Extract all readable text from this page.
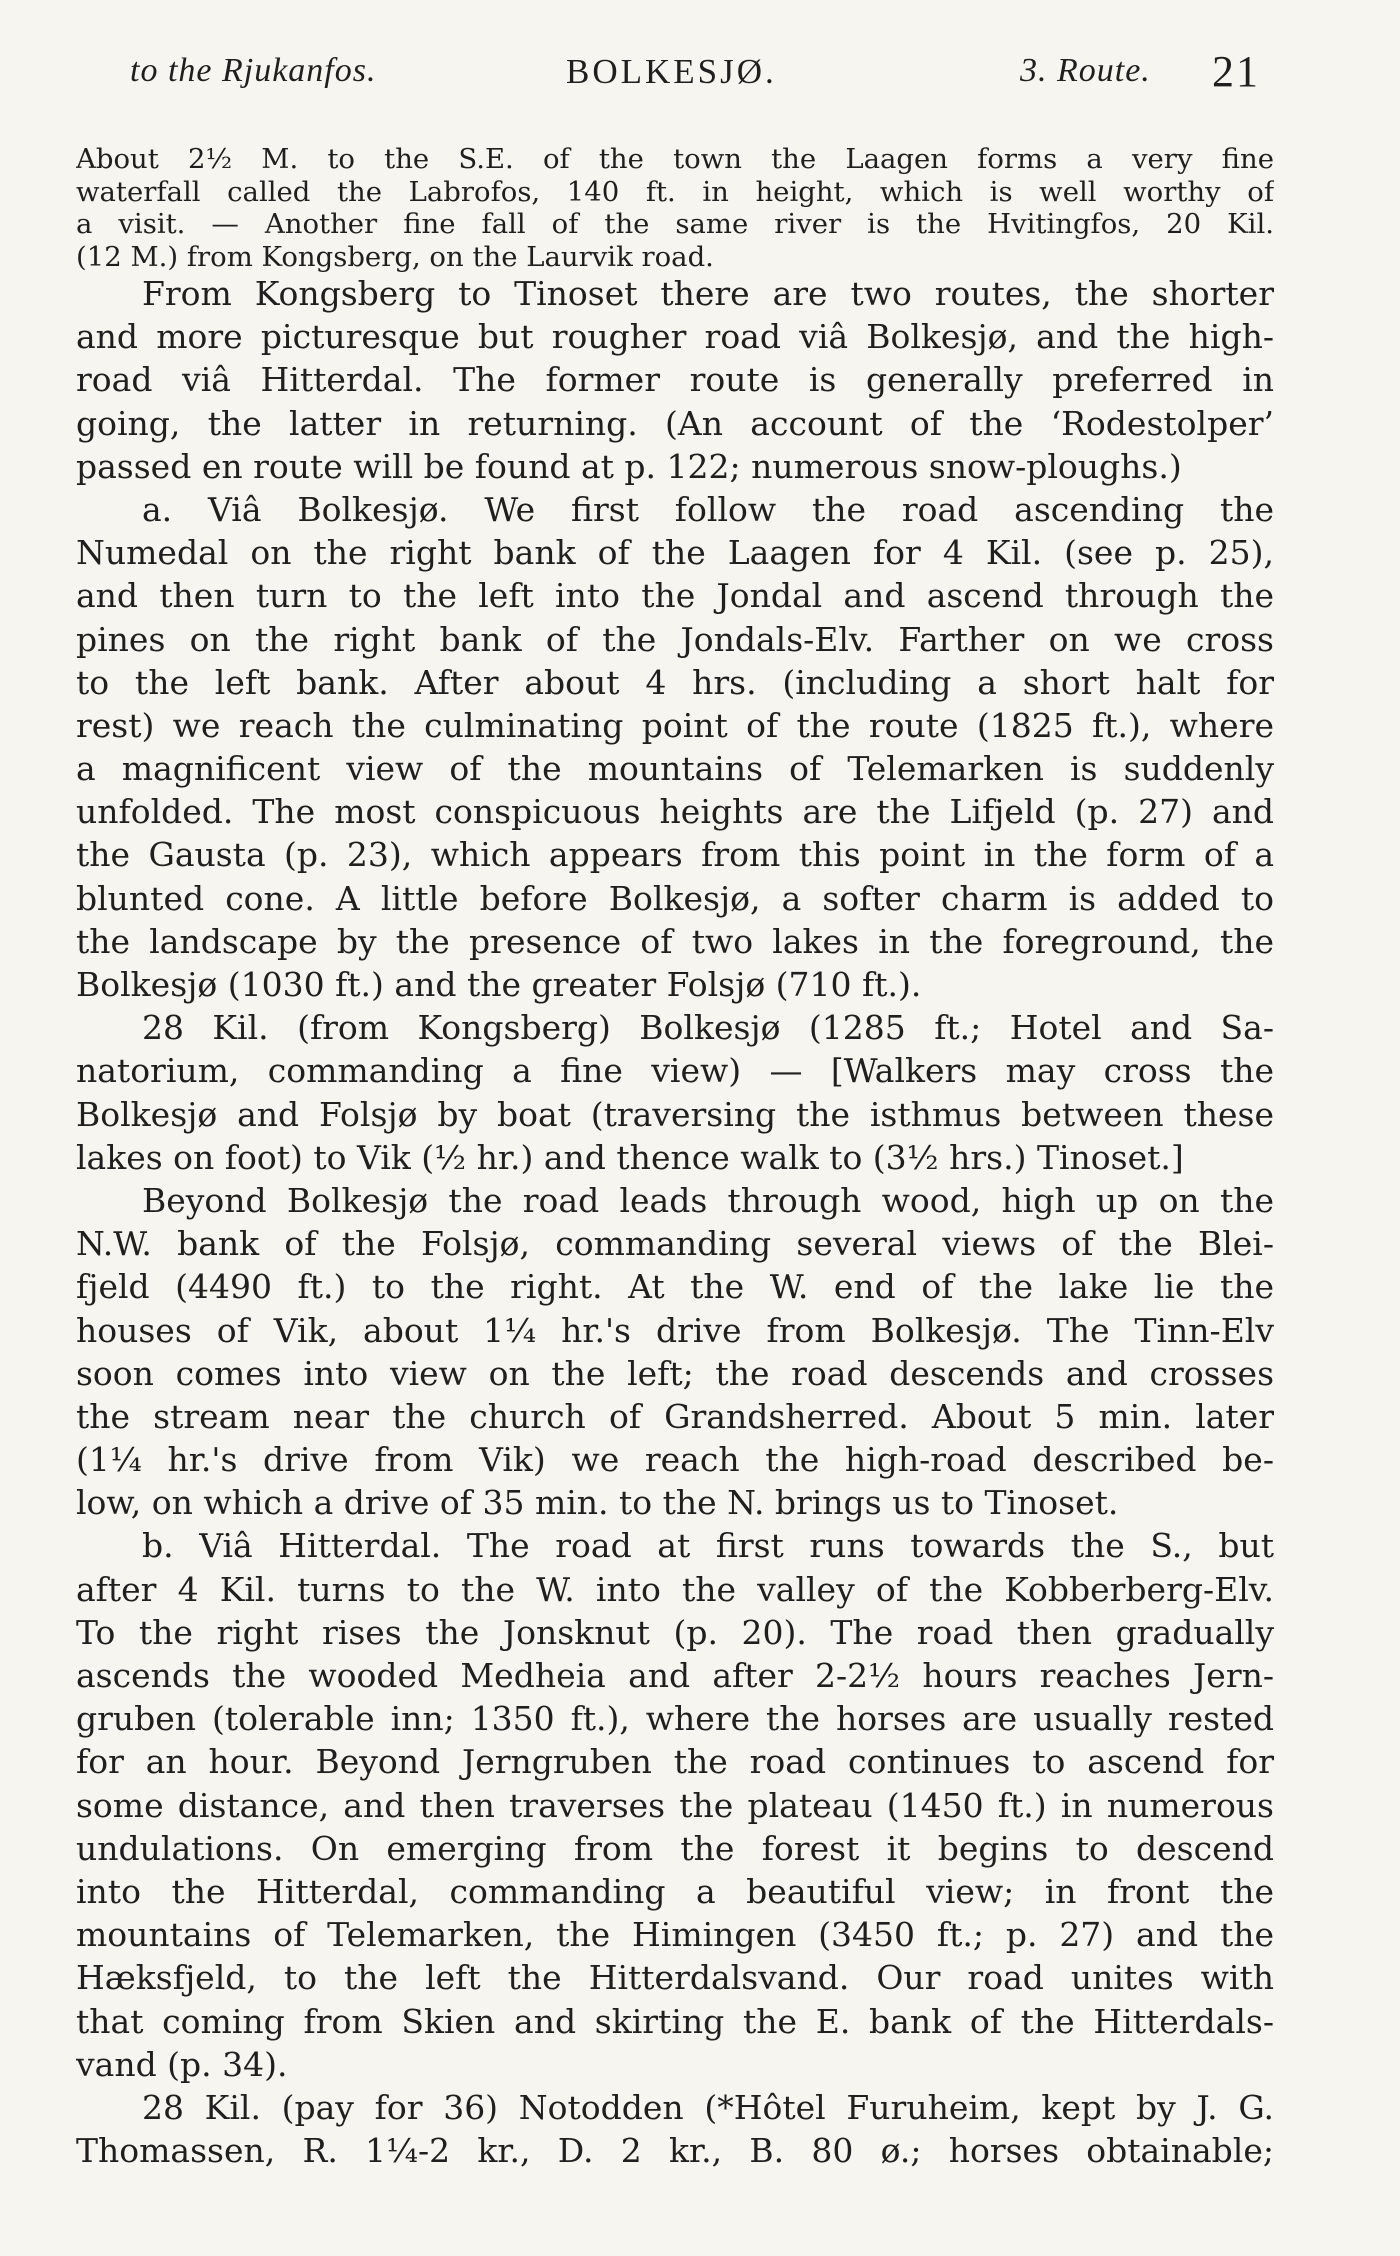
to the Rjukanfos.	BOLKESJØ.	3. Route. 21
About 2½ M. to the S.E. of the town the Laagen forms a very fine
waterfall called the Labrofos, 140 ft. in height, which is well worthy of
a visit. — Another fine fall of the same river is the Hvitingfos, 20 Kil.
(12 M.) from Kongsberg, on the Laurvik road.
From Kongsberg to Tinoset there are two routes, the shorter
and more picturesque but rougher road viâ Bolkesjø, and the high-
road viâ Hitterdal. The former route is generally preferred in
going, the latter in returning. (An account of the ‘Rodestolper’
passed en route will be found at p. 122; numerous snow-ploughs.)
a. Viâ Bolkesjø. We first follow the road ascending the
Numedal on the right bank of the Laagen for 4 Kil. (see p. 25),
and then turn to the left into the Jondal and ascend through the
pines on the right bank of the Jondals-Elv. Farther on we cross
to the left bank. After about 4 hrs. (including a short halt for
rest) we reach the culminating point of the route (1825 ft.), where
a magnificent view of the mountains of Telemarken is suddenly
unfolded. The most conspicuous heights are the Lifjeld (p. 27) and
the Gausta (p. 23), which appears from this point in the form of a
blunted cone. A little before Bolkesjø, a softer charm is added to
the landscape by the presence of two lakes in the foreground, the
Bolkesjø (1030 ft.) and the greater Folsjø (710 ft.).
28 Kil. (from Kongsberg) Bolkesjø (1285 ft.; Hotel and Sa-
natorium, commanding a fine view) — [Walkers may cross the
Bolkesjø and Folsjø by boat (traversing the isthmus between these
lakes on foot) to Vik (½ hr.) and thence walk to (3½ hrs.) Tinoset.]
Beyond Bolkesjø the road leads through wood, high up on the
N.W. bank of the Folsjø, commanding several views of the Blei-
fjeld (4490 ft.) to the right. At the W. end of the lake lie the
houses of Vik, about 1¼ hr.'s drive from Bolkesjø. The Tinn-Elv
soon comes into view on the left; the road descends and crosses
the stream near the church of Grandsherred. About 5 min. later
(1¼ hr.'s drive from Vik) we reach the high-road described be-
low, on which a drive of 35 min. to the N. brings us to Tinoset.
b. Viâ Hitterdal. The road at first runs towards the S., but
after 4 Kil. turns to the W. into the valley of the Kobberberg-Elv.
To the right rises the Jonsknut (p. 20). The road then gradually
ascends the wooded Medheia and after 2-2½ hours reaches Jern-
gruben (tolerable inn; 1350 ft.), where the horses are usually rested
for an hour. Beyond Jerngruben the road continues to ascend for
some distance, and then traverses the plateau (1450 ft.) in numerous
undulations. On emerging from the forest it begins to descend
into the Hitterdal, commanding a beautiful view; in front the
mountains of Telemarken, the Himingen (3450 ft.; p. 27) and the
Hæksfjeld, to the left the Hitterdalsvand. Our road unites with
that coming from Skien and skirting the E. bank of the Hitterdals-
vand (p. 34).
28 Kil. (pay for 36) Notodden (*Hôtel Furuheim, kept by J. G.
Thomassen, R. 1¼-2 kr., D. 2 kr., B. 80 ø.; horses obtainable;
